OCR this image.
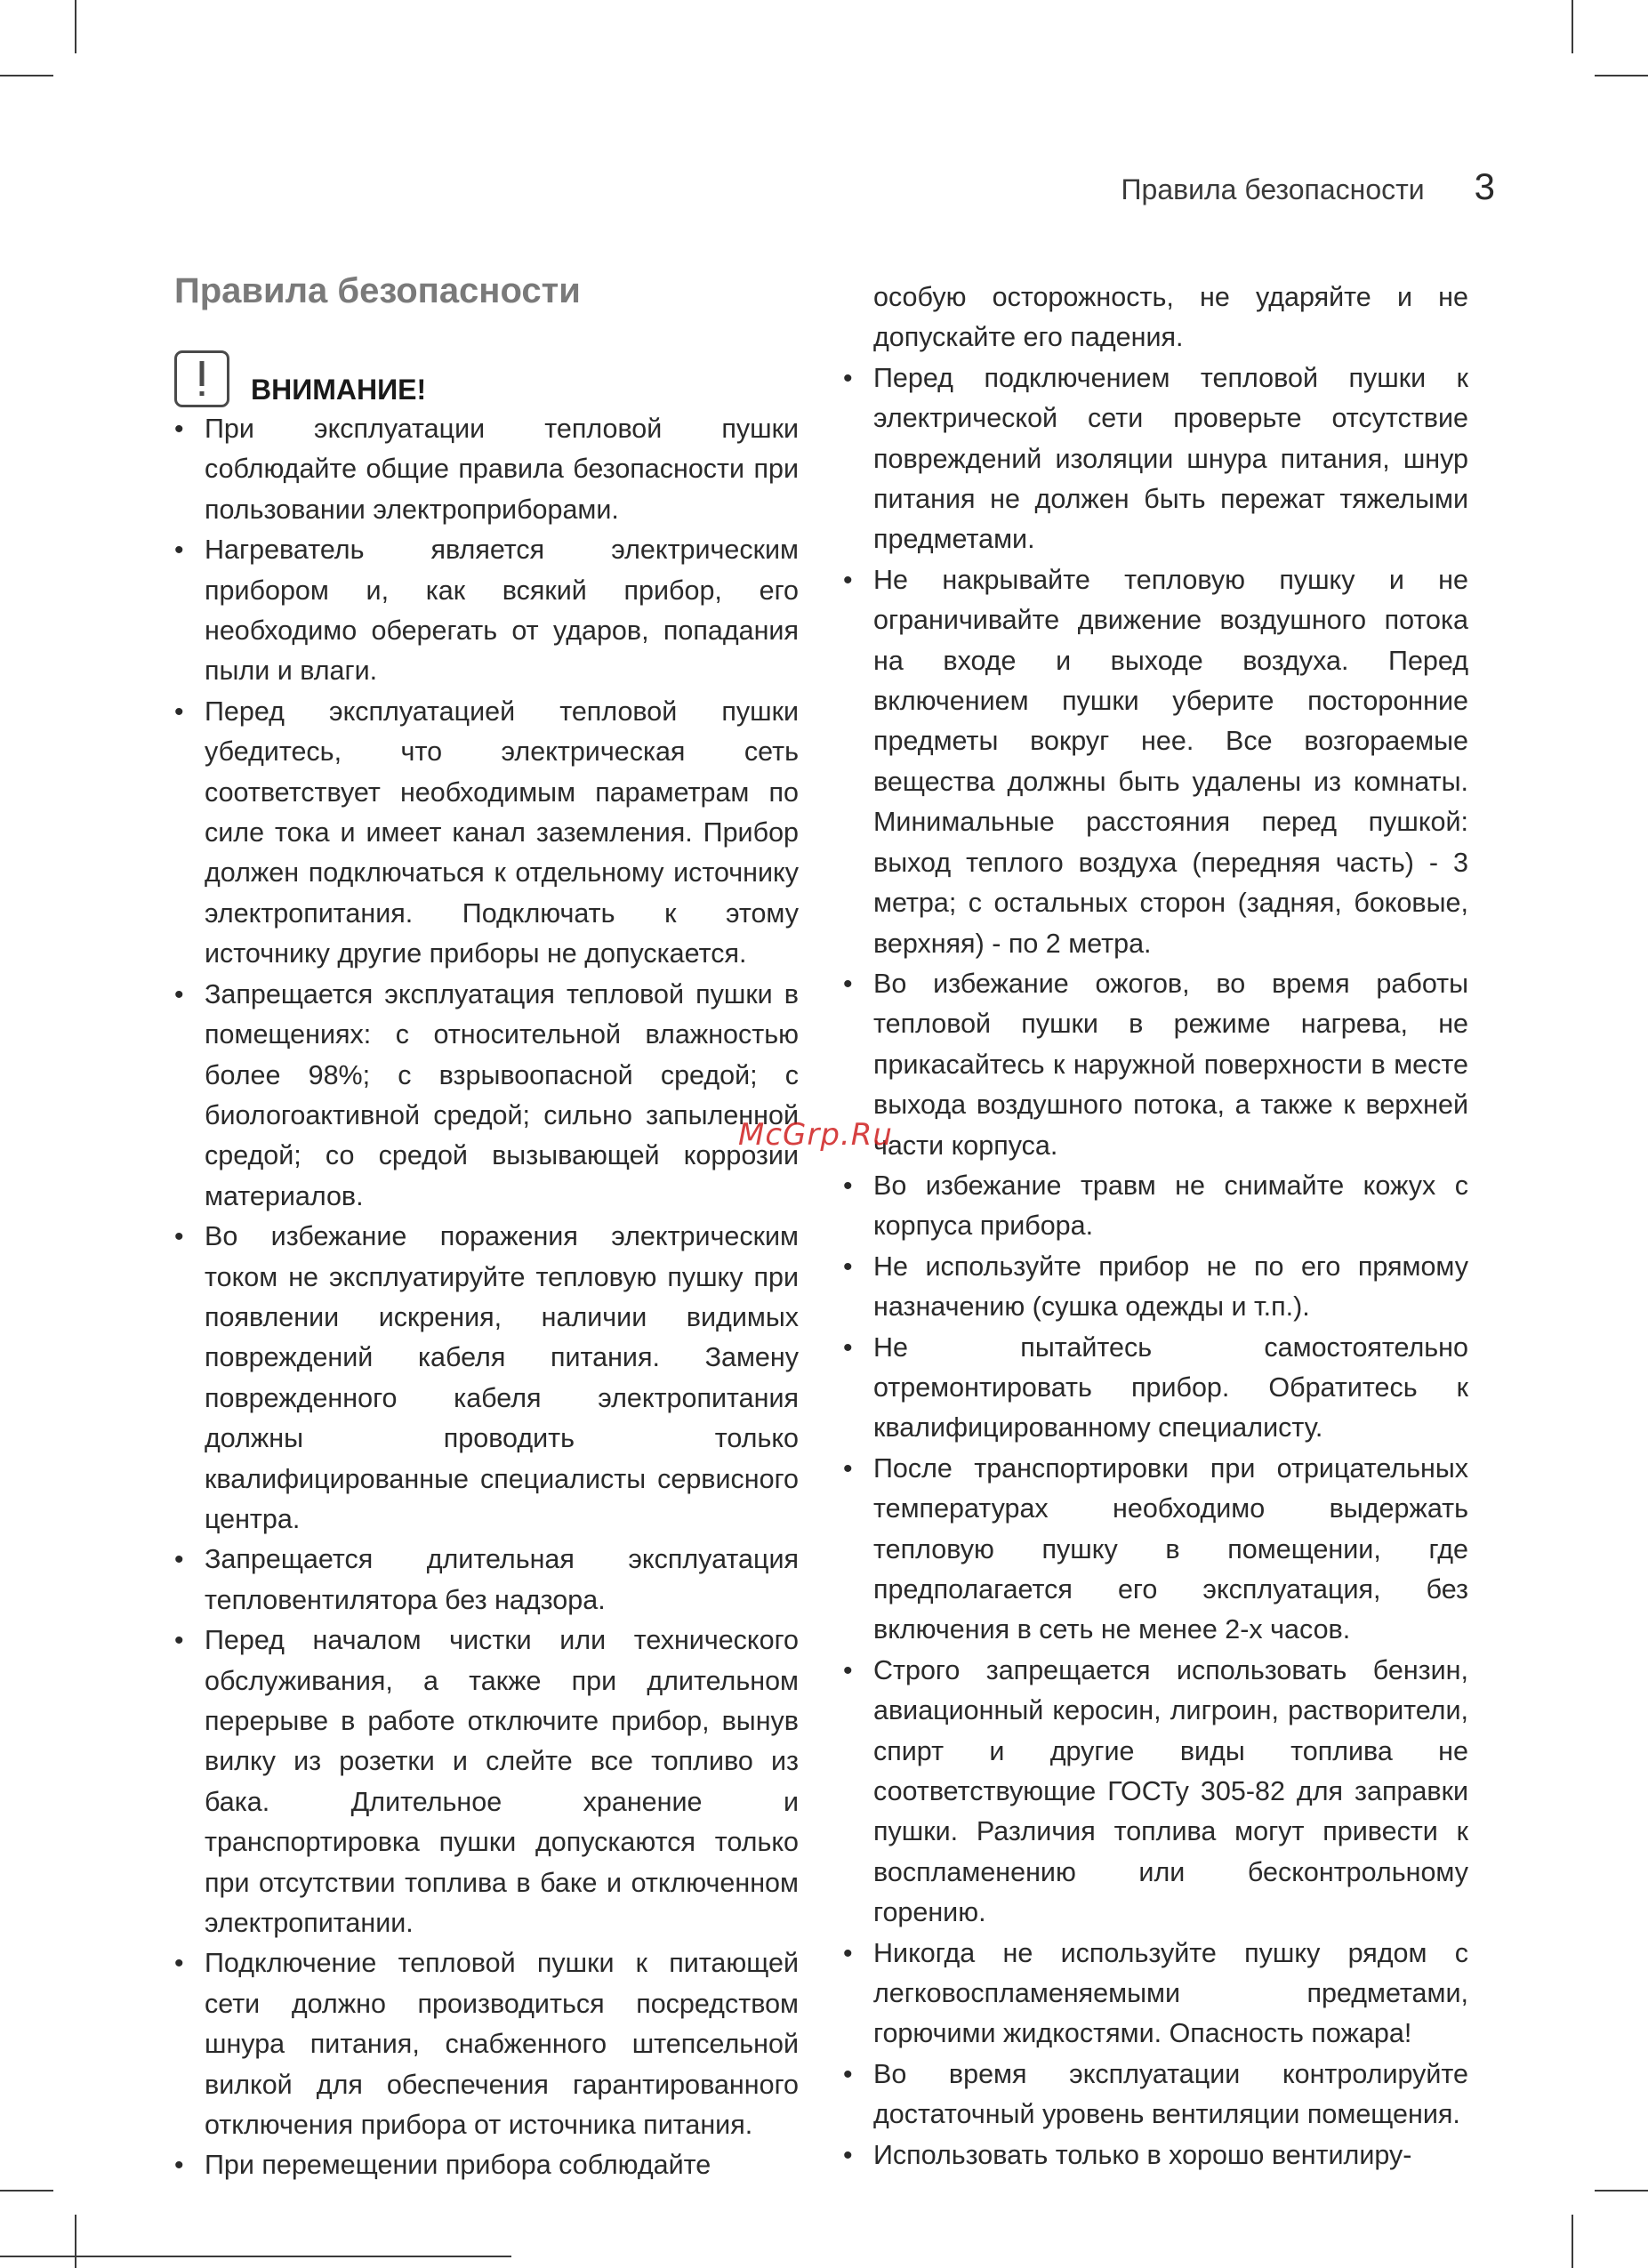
Правила безопасности 3
Правила безопасности
ВНИМАНИЕ!
• При эксплуатации тепловой пушки соблюдайте общие правила безопасности при пользовании электроприборами.
• Нагреватель является электрическим прибором и, как всякий прибор, его необходимо оберегать от ударов, попадания пыли и влаги.
• Перед эксплуатацией тепловой пушки убедитесь, что электрическая сеть соответствует необходимым параметрам по силе тока и имеет канал заземления. Прибор должен подключаться к отдельному источнику электропитания. Подключать к этому источнику другие приборы не допускается.
• Запрещается эксплуатация тепловой пушки в помещениях: с относительной влажностью более 98%; с взрывоопасной средой; с биологоактивной средой; сильно запыленной средой; со средой вызывающей коррозии материалов.
• Во избежание поражения электрическим током не эксплуатируйте тепловую пушку при появлении искрения, наличии видимых повреждений кабеля питания. Замену поврежденного кабеля электропитания должны проводить только квалифицированные специалисты сервисного центра.
• Запрещается длительная эксплуатация тепловентилятора без надзора.
• Перед началом чистки или технического обслуживания, а также при длительном перерыве в работе отключите прибор, вынув вилку из розетки и слейте все топливо из бака. Длительное хранение и транспортировка пушки допускаются только при отсутствии топлива в баке и отключенном электропитании.
• Подключение тепловой пушки к питающей сети должно производиться посредством шнура питания, снабженного штепсельной вилкой для обеспечения гарантированного отключения прибора от источника питания.
• При перемещении прибора соблюдайте
особую осторожность, не ударяйте и не допускайте его падения.
• Перед подключением тепловой пушки к электрической сети проверьте отсутствие повреждений изоляции шнура питания, шнур питания не должен быть пережат тяжелыми предметами.
• Не накрывайте тепловую пушку и не ограничивайте движение воздушного потока на входе и выходе воздуха. Перед включением пушки уберите посторонние предметы вокруг нее. Все возгораемые вещества должны быть удалены из комнаты. Минимальные расстояния перед пушкой: выход теплого воздуха (передняя часть) - 3 метра; с остальных сторон (задняя, боковые, верхняя) - по 2 метра.
• Во избежание ожогов, во время работы тепловой пушки в режиме нагрева, не прикасайтесь к наружной поверхности в месте выхода воздушного потока, а также к верхней части корпуса.
• Во избежание травм не снимайте кожух с корпуса прибора.
• Не используйте прибор не по его прямому назначению (сушка одежды и т.п.).
• Не пытайтесь самостоятельно отремонтировать прибор. Обратитесь к квалифицированному специалисту.
• После транспортировки при отрицательных температурах необходимо выдержать тепловую пушку в помещении, где предполагается его эксплуатация, без включения в сеть не менее 2-х часов.
• Строго запрещается использовать бензин, авиационный керосин, лигроин, растворители, спирт и другие виды топлива не соответствующие ГОСТу 305-82 для заправки пушки. Различия топлива могут привести к воспламенению или бесконтрольному горению.
• Никогда не используйте пушку рядом с легковоспламеняемыми предметами, горючими жидкостями. Опасность пожара!
• Во время эксплуатации контролируйте достаточный уровень вентиляции помещения.
• Использовать только в хорошо вентилиру-
McGrp.Ru
